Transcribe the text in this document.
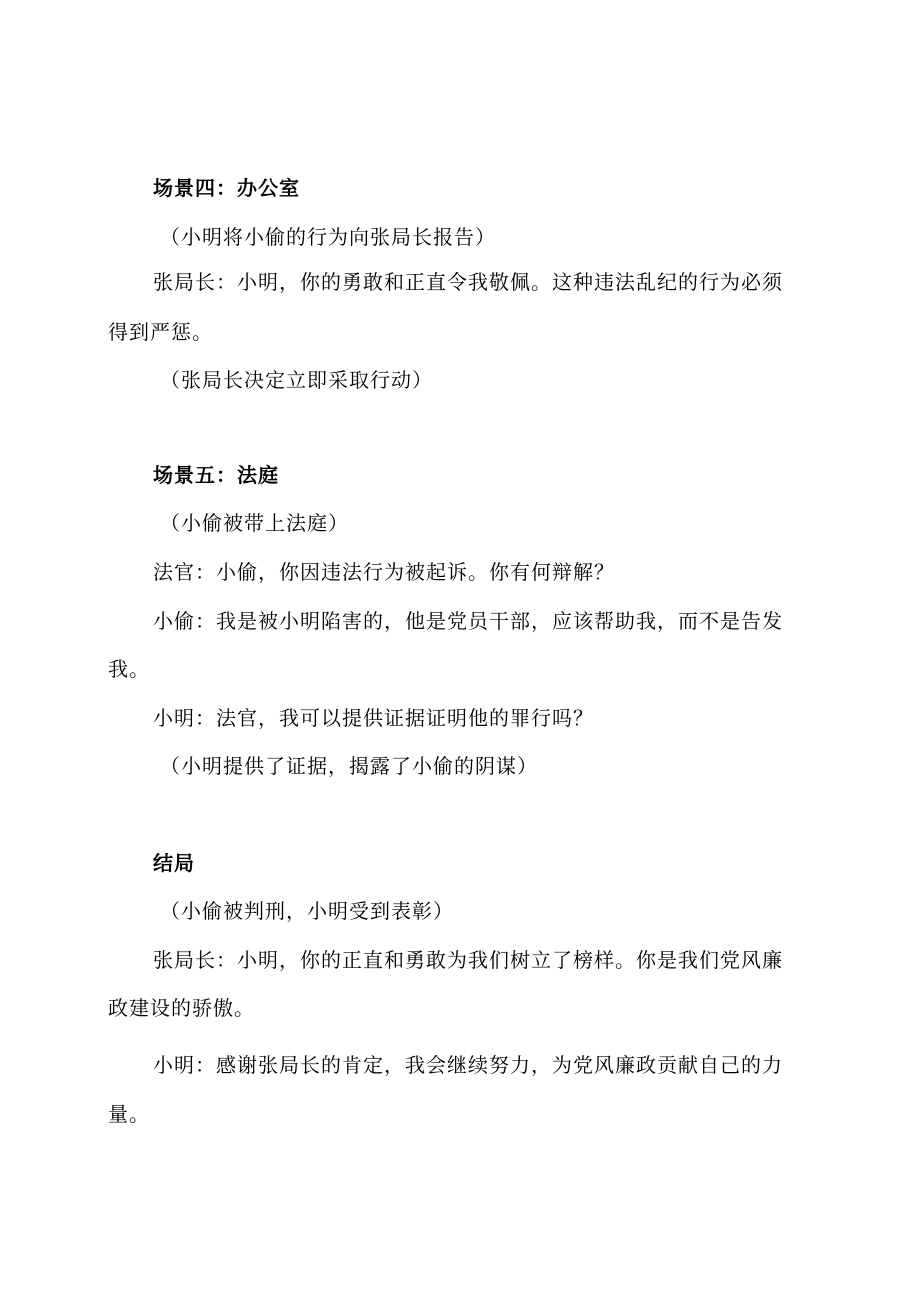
场景四：办公室
（小明将小偷的行为向张局长报告）
张局长：小明，你的勇敢和正直令我敬佩。这种违法乱纪的行为必须
得到严惩。
（张局长决定立即采取行动）
场景五：法庭
（小偷被带上法庭）
法官：小偷，你因违法行为被起诉。你有何辩解？
小偷：我是被小明陷害的，他是党员干部，应该帮助我，而不是告发
我。
小明：法官，我可以提供证据证明他的罪行吗？
（小明提供了证据，揭露了小偷的阴谋）
结局
（小偷被判刑，小明受到表彰）
张局长：小明，你的正直和勇敢为我们树立了榜样。你是我们党风廉
政建设的骄傲。
小明：感谢张局长的肯定，我会继续努力，为党风廉政贡献自己的力
量。
